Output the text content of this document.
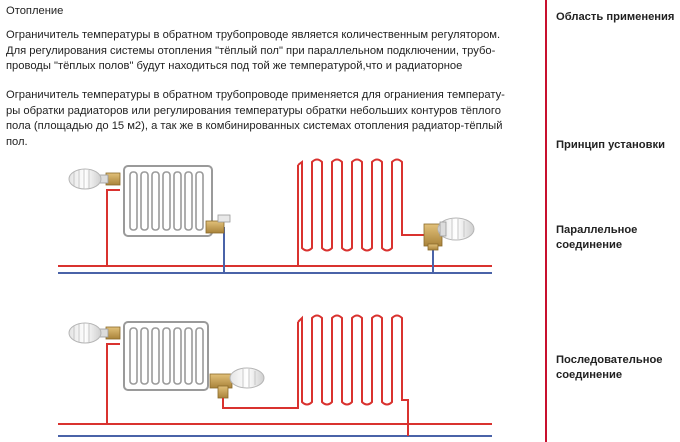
Отопление

Ограничитель температуры в обратном трубопроводе является количественным регулятором.
Для регулирования системы отопления "тёплый пол" при параллельном подключении, трубо-
проводы "тёплых полов" будут находиться под той же температурой,что и радиаторное
Ограничитель температуры в обратном трубопроводе применяется для ограниения температу-
ры обратки радиаторов или регулирования температуры обратки небольших контуров тёплого
пола (площадью до 15 м2), а так же в комбинированных системах отопления радиатор-тёплый
пол.
Область применения
Принцип установки
Параллельное
соединение
Последовательное
соединение
